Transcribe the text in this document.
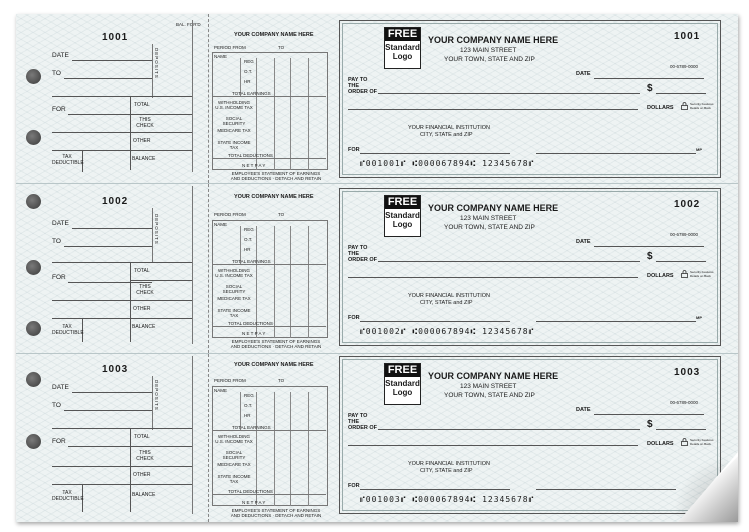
1001
BAL. FOR'D
DATE
TO	DEPOSITS
FOR
TOTAL
THIS CHECK
OTHER
TAX DEDUCTIBLE
BALANCE
YOUR COMPANY NAME HERE
PERIOD FROM	TO
NAME
REG
O.T.
HR
TOTAL EARNINGS
WITHHOLDING U.S. INCOME TAX
SOCIAL SECURITY
MEDICARE TAX
STATE INCOME TAX
TOTAL DEDUCTIONS
N E T P A Y
EMPLOYEE'S STATEMENT OF EARNINGS AND DEDUCTIONS · DETACH AND RETAIN
FREE
Standard
Logo
YOUR COMPANY NAME HERE
123 MAIN STREET
YOUR TOWN, STATE AND ZIP
1001
00-6789-0000
DATE
PAY TO THE ORDER OF	$
DOLLARS
Security Features Details on Back
YOUR FINANCIAL INSTITUTION
CITY, STATE and ZIP
FOR	MP
⑈001001⑈ ⑆000067894⑆ 12345678⑈
1002
DATE
TO	DEPOSITS
FOR
TOTAL
THIS CHECK
OTHER
TAX DEDUCTIBLE
BALANCE
YOUR COMPANY NAME HERE
PERIOD FROM	TO
NAME
REG
O.T.
HR
TOTAL EARNINGS
WITHHOLDING U.S. INCOME TAX
SOCIAL SECURITY
MEDICARE TAX
STATE INCOME TAX
TOTAL DEDUCTIONS
N E T P A Y
EMPLOYEE'S STATEMENT OF EARNINGS AND DEDUCTIONS · DETACH AND RETAIN
FREE
Standard
Logo
YOUR COMPANY NAME HERE
123 MAIN STREET
YOUR TOWN, STATE AND ZIP
1002
00-6789-0000
DATE
PAY TO THE ORDER OF	$
DOLLARS
Security Features Details on Back
YOUR FINANCIAL INSTITUTION
CITY, STATE and ZIP
FOR	MP
⑈001002⑈ ⑆000067894⑆ 12345678⑈
1003
DATE
TO	DEPOSITS
FOR
TOTAL
THIS CHECK
OTHER
TAX DEDUCTIBLE
BALANCE
YOUR COMPANY NAME HERE
PERIOD FROM	TO
NAME
REG
O.T.
HR
TOTAL EARNINGS
WITHHOLDING U.S. INCOME TAX
SOCIAL SECURITY
MEDICARE TAX
STATE INCOME TAX
TOTAL DEDUCTIONS
N E T P A Y
EMPLOYEE'S STATEMENT OF EARNINGS AND DEDUCTIONS · DETACH AND RETAIN
FREE
Standard
Logo
YOUR COMPANY NAME HERE
123 MAIN STREET
YOUR TOWN, STATE AND ZIP
1003
00-6789-0000
DATE
PAY TO THE ORDER OF	$
DOLLARS
Security Features Details on Back
YOUR FINANCIAL INSTITUTION
CITY, STATE and ZIP
FOR
⑈001003⑈ ⑆000067894⑆ 12345678⑈
